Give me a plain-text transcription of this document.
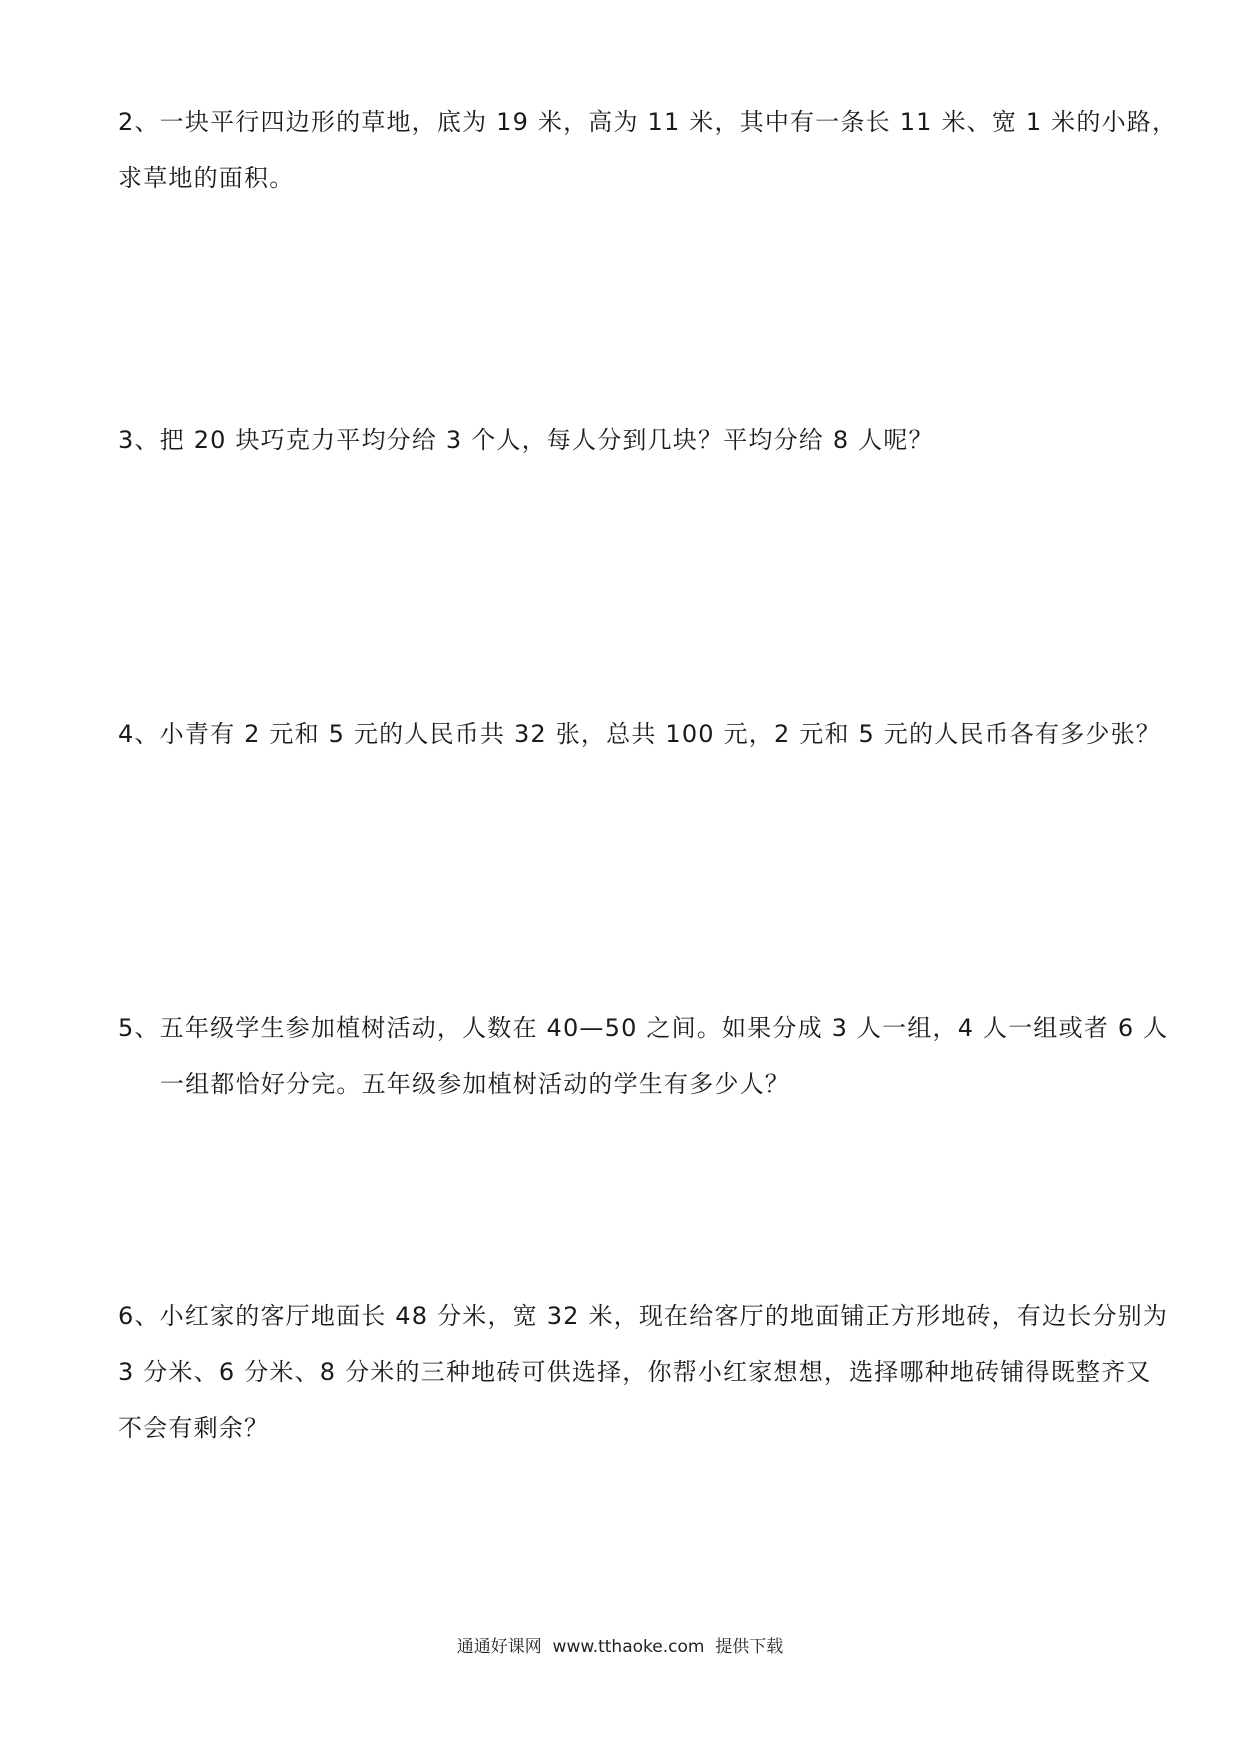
2、一块平行四边形的草地，底为 19 米，高为 11 米，其中有一条长 11 米、宽 1 米的小路，
求草地的面积。
3、把 20 块巧克力平均分给 3 个人，每人分到几块？平均分给 8 人呢？
4、小青有 2 元和 5 元的人民币共 32 张，总共 100 元，2 元和 5 元的人民币各有多少张？
5、五年级学生参加植树活动，人数在 40—50 之间。如果分成 3 人一组，4 人一组或者 6 人
一组都恰好分完。五年级参加植树活动的学生有多少人？
6、小红家的客厅地面长 48 分米，宽 32 米，现在给客厅的地面铺正方形地砖，有边长分别为
3 分米、6 分米、8 分米的三种地砖可供选择，你帮小红家想想，选择哪种地砖铺得既整齐又
不会有剩余？
通通好课网  www.tthaoke.com  提供下载
